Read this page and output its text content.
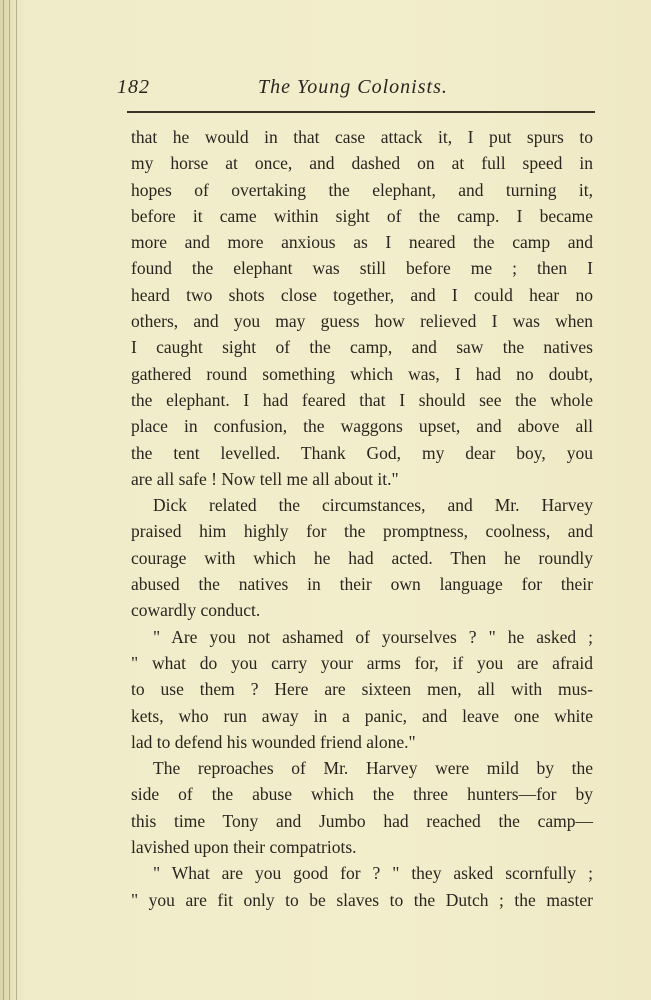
182	The Young Colonists.
that he would in that case attack it, I put spurs to
my horse at once, and dashed on at full speed in
hopes of overtaking the elephant, and turning it,
before it came within sight of the camp. I became
more and more anxious as I neared the camp and
found the elephant was still before me ; then I
heard two shots close together, and I could hear no
others, and you may guess how relieved I was when
I caught sight of the camp, and saw the natives
gathered round something which was, I had no doubt,
the elephant. I had feared that I should see the whole
place in confusion, the waggons upset, and above all
the tent levelled. Thank God, my dear boy, you
are all safe ! Now tell me all about it."
Dick related the circumstances, and Mr. Harvey
praised him highly for the promptness, coolness, and
courage with which he had acted. Then he roundly
abused the natives in their own language for their
cowardly conduct.
" Are you not ashamed of yourselves ? " he asked ;
" what do you carry your arms for, if you are afraid
to use them ? Here are sixteen men, all with mus-
kets, who run away in a panic, and leave one white
lad to defend his wounded friend alone."
The reproaches of Mr. Harvey were mild by the
side of the abuse which the three hunters—for by
this time Tony and Jumbo had reached the camp—
lavished upon their compatriots.
" What are you good for ? " they asked scornfully ;
" you are fit only to be slaves to the Dutch ; the master
